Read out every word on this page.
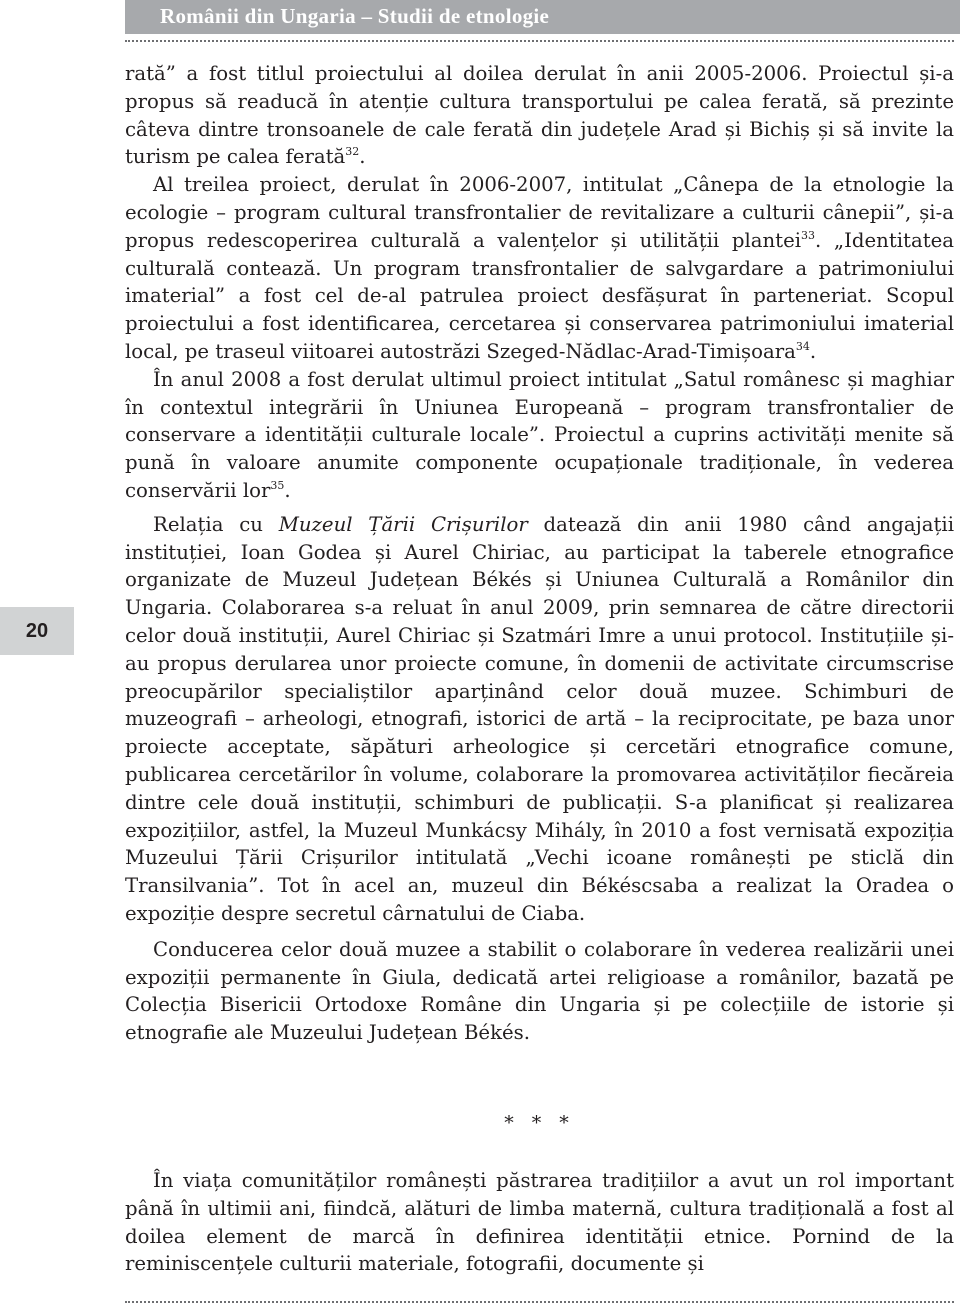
Românii din Ungaria – Studii de etnologie
20

rată” a fost titlul proiectului al doilea derulat în anii 2005-2006. Proiectul și-a propus să readucă în atenție cultura transportului pe calea ferată, să prezinte câteva dintre tronsoanele de cale ferată din județele Arad și Bichiș și să invite la turism pe calea ferată$^{32}$.

Al treilea proiect, derulat în 2006-2007, intitulat „Cânepa de la etnologie la ecologie – program cultural transfrontalier de revitalizare a culturii cânepii”, și-a propus redescoperirea culturală a valențelor și utilității plantei$^{33}$. „Identitatea culturală contează. Un program transfrontalier de salvgardare a patrimoniului imaterial” a fost cel de-al patrulea proiect desfășurat în parteneriat. Scopul proiectului a fost identificarea, cercetarea și conservarea patrimoniului imaterial local, pe traseul viitoarei autostrăzi Szeged-Nădlac-Arad-Timișoara$^{34}$.

În anul 2008 a fost derulat ultimul proiect intitulat „Satul românesc și maghiar în contextul integrării în Uniunea Europeană – program transfrontalier de conservare a identității culturale locale”. Proiectul a cuprins activități menite să pună în valoare anumite componente ocupaționale tradiționale, în vederea conservării lor$^{35}$.

Relația cu Muzeul Țării Crișurilor datează din anii 1980 când angajații instituției, Ioan Godea și Aurel Chiriac, au participat la taberele etnografice organizate de Muzeul Județean Békés și Uniunea Culturală a Românilor din Ungaria. Colaborarea s-a reluat în anul 2009, prin semnarea de către directorii celor două instituții, Aurel Chiriac și Szatmári Imre a unui protocol. Instituțiile și-au propus derularea unor proiecte comune, în domenii de activitate circumscrise preocupărilor specialiștilor aparținând celor două muzee. Schimburi de muzeografi – arheologi, etnografi, istorici de artă – la reciprocitate, pe baza unor proiecte acceptate, săpături arheologice și cercetări etnografice comune, publicarea cercetărilor în volume, colaborare la promovarea activităților fiecăreia dintre cele două instituții, schimburi de publicații. S-a planificat și realizarea expozițiilor, astfel, la Muzeul Munkácsy Mihály, în 2010 a fost vernisată expoziția Muzeului Țării Crișurilor intitulată „Vechi icoane românești pe sticlă din Transilvania”. Tot în acel an, muzeul din Békéscsaba a realizat la Oradea o expoziție despre secretul cârnatului de Ciaba.

Conducerea celor două muzee a stabilit o colaborare în vederea realizării unei expoziții permanente în Giula, dedicată artei religioase a românilor, bazată pe Colecția Bisericii Ortodoxe Române din Ungaria și pe colecțiile de istorie și etnografie ale Muzeului Județean Békés.

* * *

În viața comunităților românești păstrarea tradițiilor a avut un rol important până în ultimii ani, fiindcă, alături de limba maternă, cultura tradițională a fost al doilea element de marcă în definirea identității etnice. Pornind de la reminiscențele culturii materiale, fotografii, documente și
